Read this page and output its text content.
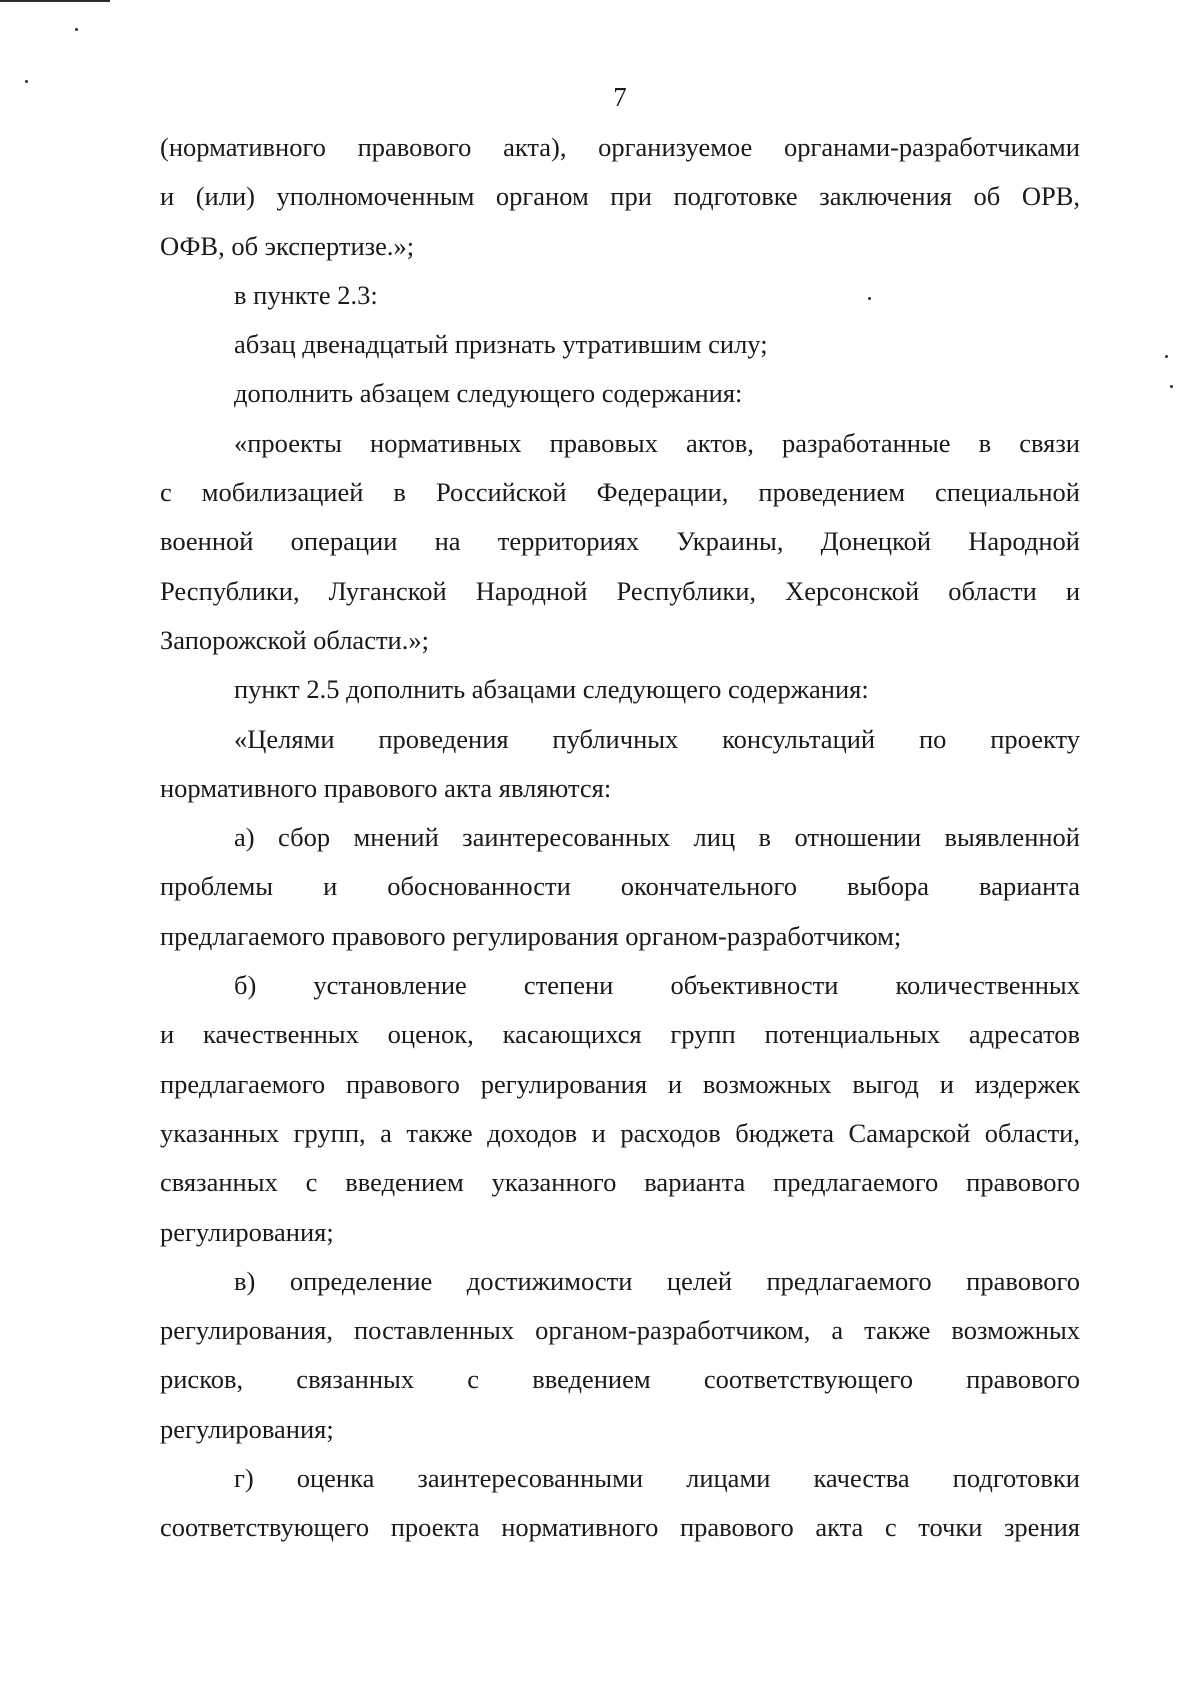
7
(нормативного правового акта), организуемое органами-разработчиками
и (или) уполномоченным органом при подготовке заключения об ОРВ,
ОФВ, об экспертизе.»;
в пункте 2.3:
абзац двенадцатый признать утратившим силу;
дополнить абзацем следующего содержания:
«проекты нормативных правовых актов, разработанные в связи
с мобилизацией в Российской Федерации, проведением специальной
военной операции на территориях Украины, Донецкой Народной
Республики, Луганской Народной Республики, Херсонской области и
Запорожской области.»;
пункт 2.5 дополнить абзацами следующего содержания:
«Целями проведения публичных консультаций по проекту
нормативного правового акта являются:
а) сбор мнений заинтересованных лиц в отношении выявленной
проблемы и обоснованности окончательного выбора варианта
предлагаемого правового регулирования органом-разработчиком;
б) установление степени объективности количественных
и качественных оценок, касающихся групп потенциальных адресатов
предлагаемого правового регулирования и возможных выгод и издержек
указанных групп, а также доходов и расходов бюджета Самарской области,
связанных с введением указанного варианта предлагаемого правового
регулирования;
в) определение достижимости целей предлагаемого правового
регулирования, поставленных органом-разработчиком, а также возможных
рисков, связанных с введением соответствующего правового
регулирования;
г) оценка заинтересованными лицами качества подготовки
соответствующего проекта нормативного правового акта с точки зрения
